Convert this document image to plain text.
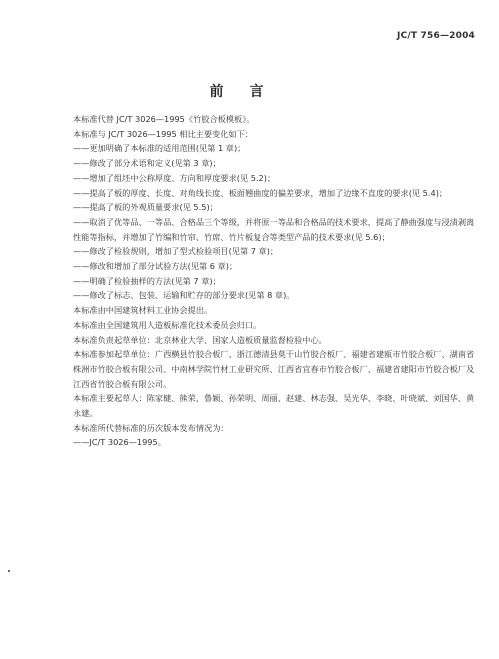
JC/T 756—2004
前言

本标准代替 JC/T 3026—1995《竹胶合板模板》。

本标准与 JC/T 3026—1995 相比主要变化如下：

——更加明确了本标准的适用范围(见第 1 章)；

——修改了部分术语和定义(见第 3 章)；

——增加了组坯中公称厚度、方向和厚度要求(见 5.2)；

——提高了板的厚度、长度、对角线长度、板面翘曲度的偏差要求，增加了边缘不直度的要求(见 5.4)；

——提高了板的外观质量要求(见 5.5)；

——取消了优等品、一等品、合格品三个等级，并将原一等品和合格品的技术要求，提高了静曲强度与浸渍剥离性能等指标，并增加了竹编和竹帘、竹席、竹片板复合等类型产品的技术要求(见 5.6)；

——修改了检验规则，增加了型式检验项目(见第 7 章)；

——修改和增加了部分试验方法(见第 6 章)；

——明确了检验抽样的方法(见第 7 章)；

——修改了标志、包装、运输和贮存的部分要求(见第 8 章)。

本标准由中国建筑材料工业协会提出。

本标准由全国建筑用人造板标准化技术委员会归口。

本标准负责起草单位：北京林业大学、国家人造板质量监督检验中心。

本标准参加起草单位：广西横县竹胶合板厂、浙江德清县莫干山竹胶合板厂、福建省建瓯市竹胶合板厂、湖南省株洲市竹胶合板有限公司、中南林学院竹材工业研究所、江西省宜春市竹胶合板厂、福建省建阳市竹胶合板厂及江西省竹胶合板有限公司。

本标准主要起草人：陈家健、熊荣、鲁颖、孙荣明、周丽、赵建、林志强、吴光华、李晓、叶晓斌、刘国华、黄永建。

本标准所代替标准的历次版本发布情况为：

——JC/T 3026—1995。
